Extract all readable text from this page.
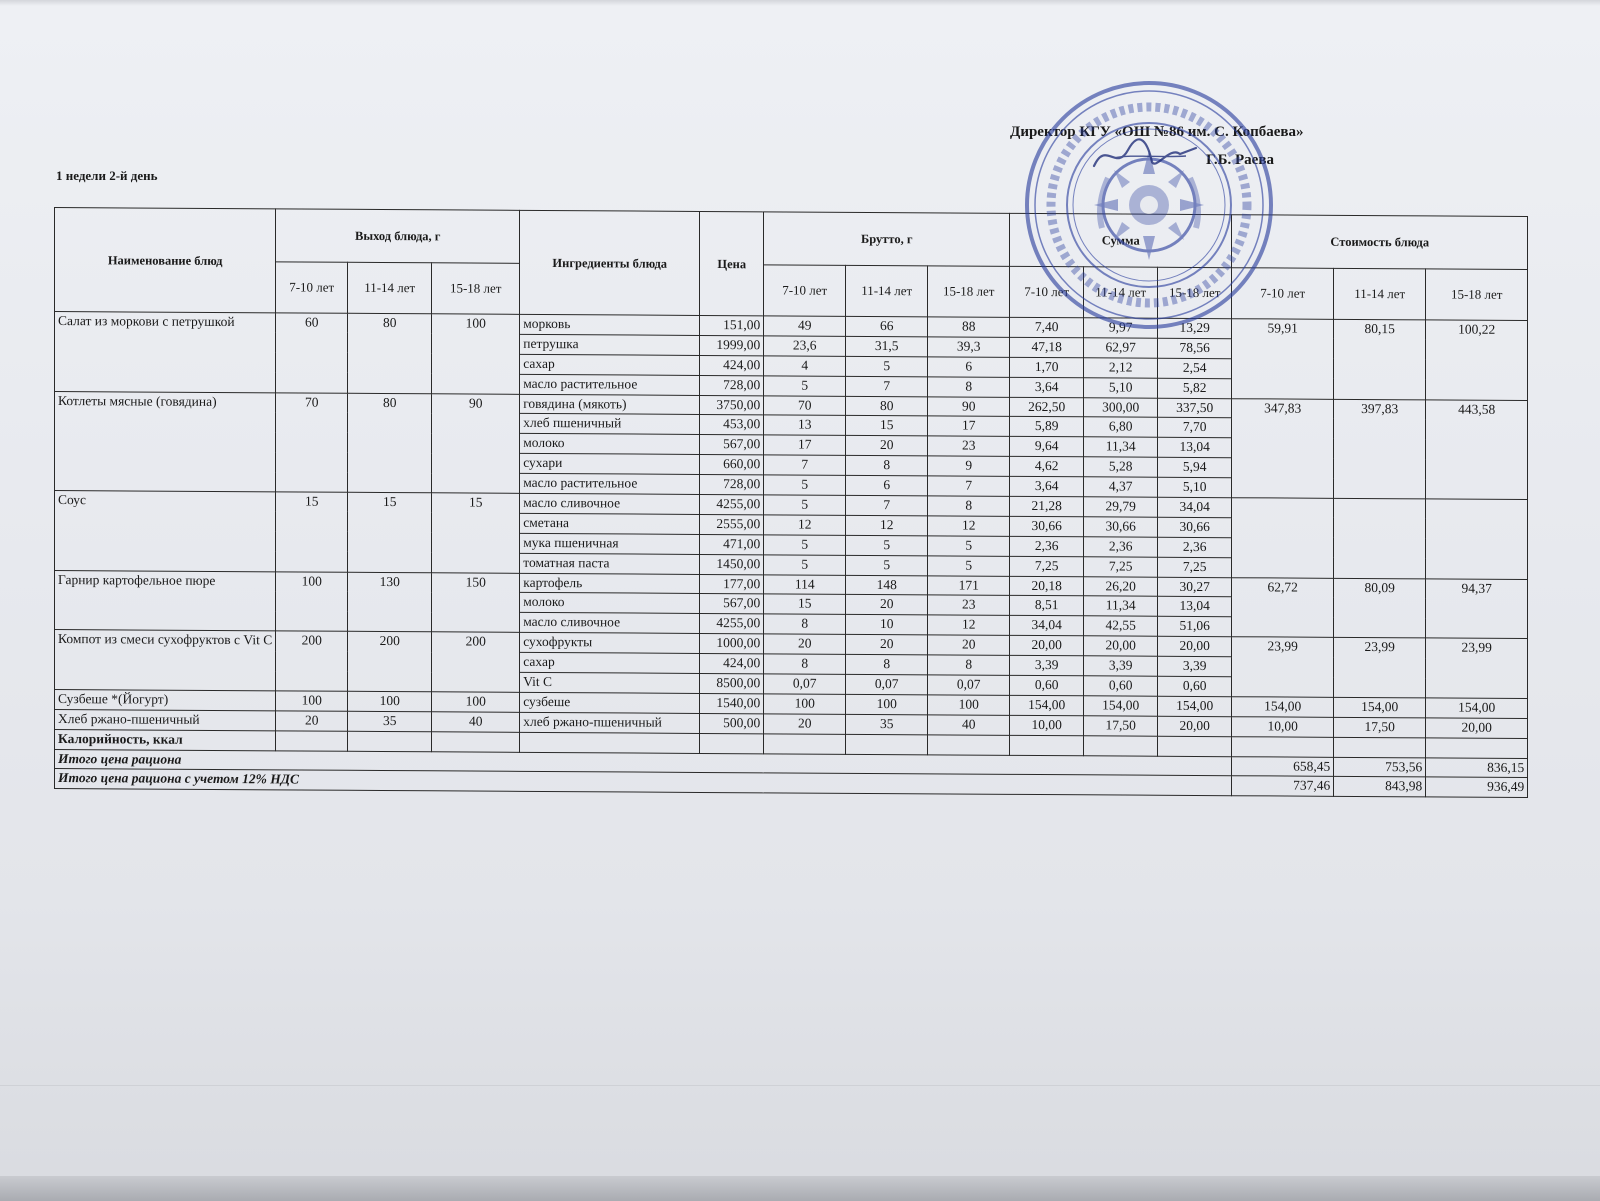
Директор КГУ «ОШ №86 им. С. Копбаева»
Г.Б. Раева
1 недели 2-й день
Наименование блюд	Выход блюда, г			Ингредиенты блюда	Цена	Брутто, г			Сумма			Стоимость блюда		
	7-10 лет	11-14 лет	15-18 лет			7-10 лет	11-14 лет	15-18 лет	7-10 лет	11-14 лет	15-18 лет	7-10 лет	11-14 лет	15-18 лет
Салат из моркови с петрушкой	60	80	100	морковь	151,00	49	66	88	7,40	9,97	13,29	59,91	80,15	100,22
				петрушка	1999,00	23,6	31,5	39,3	47,18	62,97	78,56			
				сахар	424,00	4	5	6	1,70	2,12	2,54			
				масло растительное	728,00	5	7	8	3,64	5,10	5,82			
Котлеты мясные (говядина)	70	80	90	говядина (мякоть)	3750,00	70	80	90	262,50	300,00	337,50	347,83	397,83	443,58
				хлеб пшеничный	453,00	13	15	17	5,89	6,80	7,70			
				молоко	567,00	17	20	23	9,64	11,34	13,04			
				сухари	660,00	7	8	9	4,62	5,28	5,94			
				масло растительное	728,00	5	6	7	3,64	4,37	5,10			
Соус	15	15	15	масло сливочное	4255,00	5	7	8	21,28	29,79	34,04			
				сметана	2555,00	12	12	12	30,66	30,66	30,66			
				мука пшеничная	471,00	5	5	5	2,36	2,36	2,36			
				томатная паста	1450,00	5	5	5	7,25	7,25	7,25			
Гарнир картофельное пюре	100	130	150	картофель	177,00	114	148	171	20,18	26,20	30,27	62,72	80,09	94,37
				молоко	567,00	15	20	23	8,51	11,34	13,04			
				масло сливочное	4255,00	8	10	12	34,04	42,55	51,06			
Компот из смеси сухофруктов с Vit C	200	200	200	сухофрукты	1000,00	20	20	20	20,00	20,00	20,00	23,99	23,99	23,99
				сахар	424,00	8	8	8	3,39	3,39	3,39			
				Vit C	8500,00	0,07	0,07	0,07	0,60	0,60	0,60			
Сузбеше *(Йогурт)	100	100	100	сузбеше	1540,00	100	100	100	154,00	154,00	154,00	154,00	154,00	154,00
Хлеб ржано-пшеничный	20	35	40	хлеб ржано-пшеничный	500,00	20	35	40	10,00	17,50	20,00	10,00	17,50	20,00
Калорийность, ккал														
Итого цена рациона												658,45	753,56	836,15
Итого цена рациона с учетом 12% НДС												737,46	843,98	936,49
